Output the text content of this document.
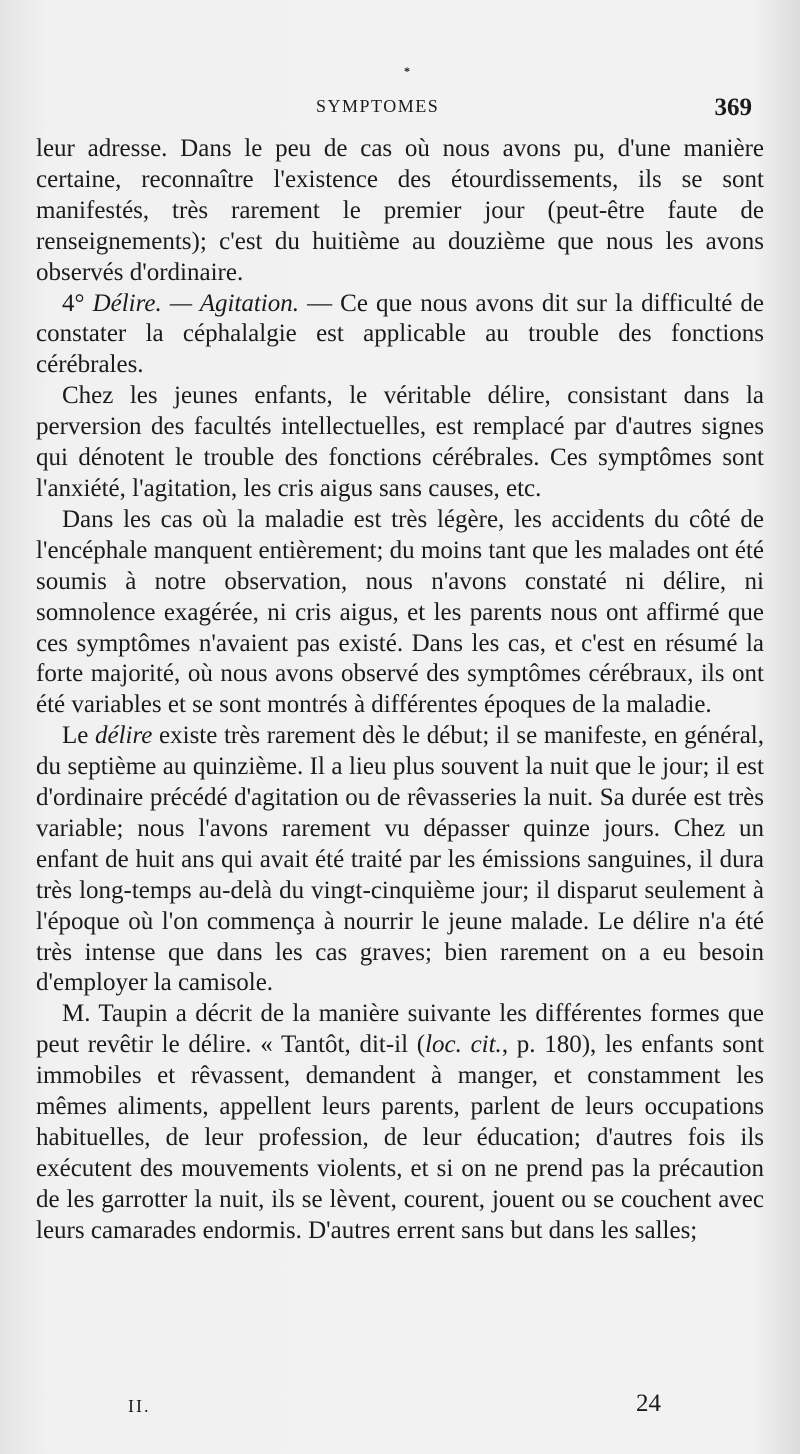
*
SYMPTOMES	369

leur adresse. Dans le peu de cas où nous avons pu, d'une manière certaine, reconnaître l'existence des étourdissements, ils se sont manifestés, très rarement le premier jour (peut-être faute de renseignements); c'est du huitième au douzième que nous les avons observés d'ordinaire.

4° Délire. — Agitation. — Ce que nous avons dit sur la difficulté de constater la céphalalgie est applicable au trouble des fonctions cérébrales.

Chez les jeunes enfants, le véritable délire, consistant dans la perversion des facultés intellectuelles, est remplacé par d'autres signes qui dénotent le trouble des fonctions cérébrales. Ces symptômes sont l'anxiété, l'agitation, les cris aigus sans causes, etc.

Dans les cas où la maladie est très légère, les accidents du côté de l'encéphale manquent entièrement; du moins tant que les malades ont été soumis à notre observation, nous n'avons constaté ni délire, ni somnolence exagérée, ni cris aigus, et les parents nous ont affirmé que ces symptômes n'avaient pas existé. Dans les cas, et c'est en résumé la forte majorité, où nous avons observé des symptômes cérébraux, ils ont été variables et se sont montrés à différentes époques de la maladie.

Le délire existe très rarement dès le début; il se manifeste, en général, du septième au quinzième. Il a lieu plus souvent la nuit que le jour; il est d'ordinaire précédé d'agitation ou de rêvasseries la nuit. Sa durée est très variable; nous l'avons rarement vu dépasser quinze jours. Chez un enfant de huit ans qui avait été traité par les émissions sanguines, il dura très long-temps au-delà du vingt-cinquième jour; il disparut seulement à l'époque où l'on commença à nourrir le jeune malade. Le délire n'a été très intense que dans les cas graves; bien rarement on a eu besoin d'employer la camisole.

M. Taupin a décrit de la manière suivante les différentes formes que peut revêtir le délire. « Tantôt, dit-il (loc. cit., p. 180), les enfants sont immobiles et rêvassent, demandent à manger, et constamment les mêmes aliments, appellent leurs parents, parlent de leurs occupations habituelles, de leur profession, de leur éducation; d'autres fois ils exécutent des mouvements violents, et si on ne prend pas la précaution de les garrotter la nuit, ils se lèvent, courent, jouent ou se couchent avec leurs camarades endormis. D'autres errent sans but dans les salles;

II.	24
